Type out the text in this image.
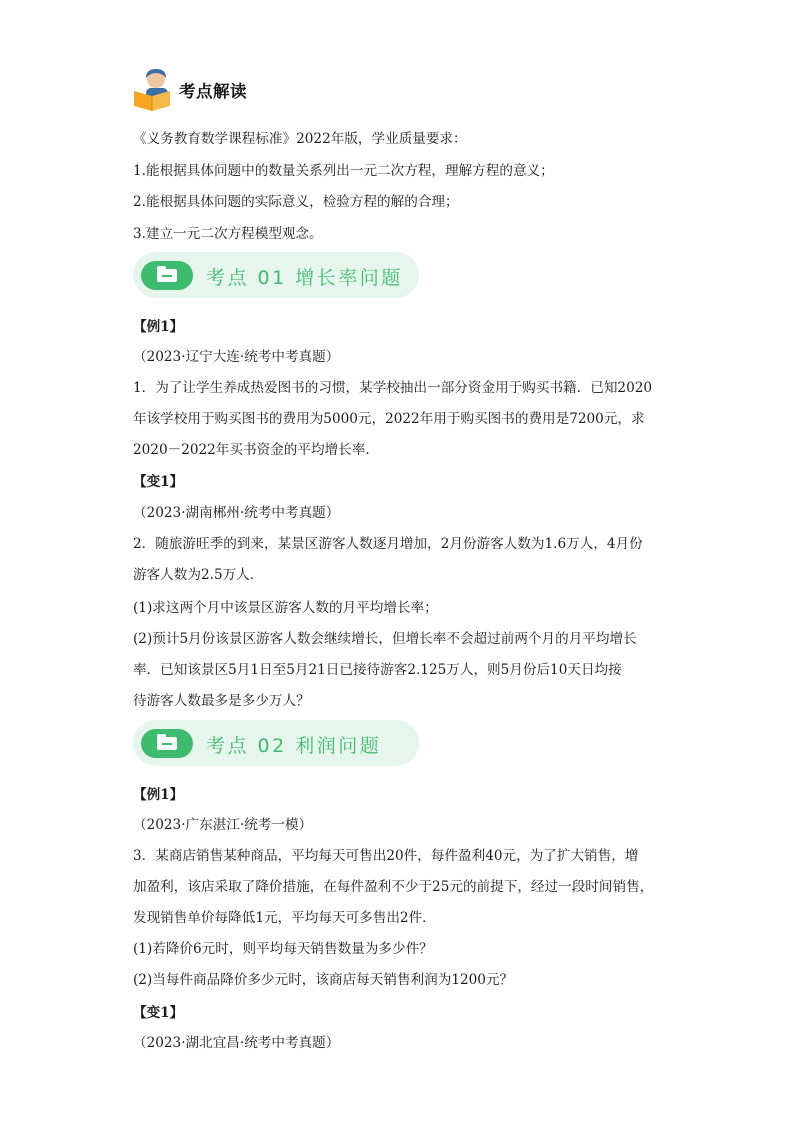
考点解读
《义务教育数学课程标准》2022年版，学业质量要求：
1.能根据具体问题中的数量关系列出一元二次方程，理解方程的意义；
2.能根据具体问题的实际意义，检验方程的解的合理；
3.建立一元二次方程模型观念。
考点 01 增长率问题
【例1】
（2023·辽宁大连·统考中考真题）
1．为了让学生养成热爱图书的习惯，某学校抽出一部分资金用于购买书籍．已知2020
年该学校用于购买图书的费用为5000元，2022年用于购买图书的费用是7200元，求
2020－2022年买书资金的平均增长率．
【变1】
（2023·湖南郴州·统考中考真题）
2．随旅游旺季的到来，某景区游客人数逐月增加，2月份游客人数为1.6万人，4月份
游客人数为2.5万人．
(1)求这两个月中该景区游客人数的月平均增长率；
(2)预计5月份该景区游客人数会继续增长，但增长率不会超过前两个月的月平均增长
率．已知该景区5月1日至5月21日已接待游客2.125万人，则5月份后10天日均接
待游客人数最多是多少万人？
考点 02 利润问题
【例1】
（2023·广东湛江·统考一模）
3．某商店销售某种商品，平均每天可售出20件，每件盈利40元，为了扩大销售，增
加盈利，该店采取了降价措施，在每件盈利不少于25元的前提下，经过一段时间销售，
发现销售单价每降低1元，平均每天可多售出2件．
(1)若降价6元时，则平均每天销售数量为多少件？
(2)当每件商品降价多少元时，该商店每天销售利润为1200元？
【变1】
（2023·湖北宜昌·统考中考真题）
